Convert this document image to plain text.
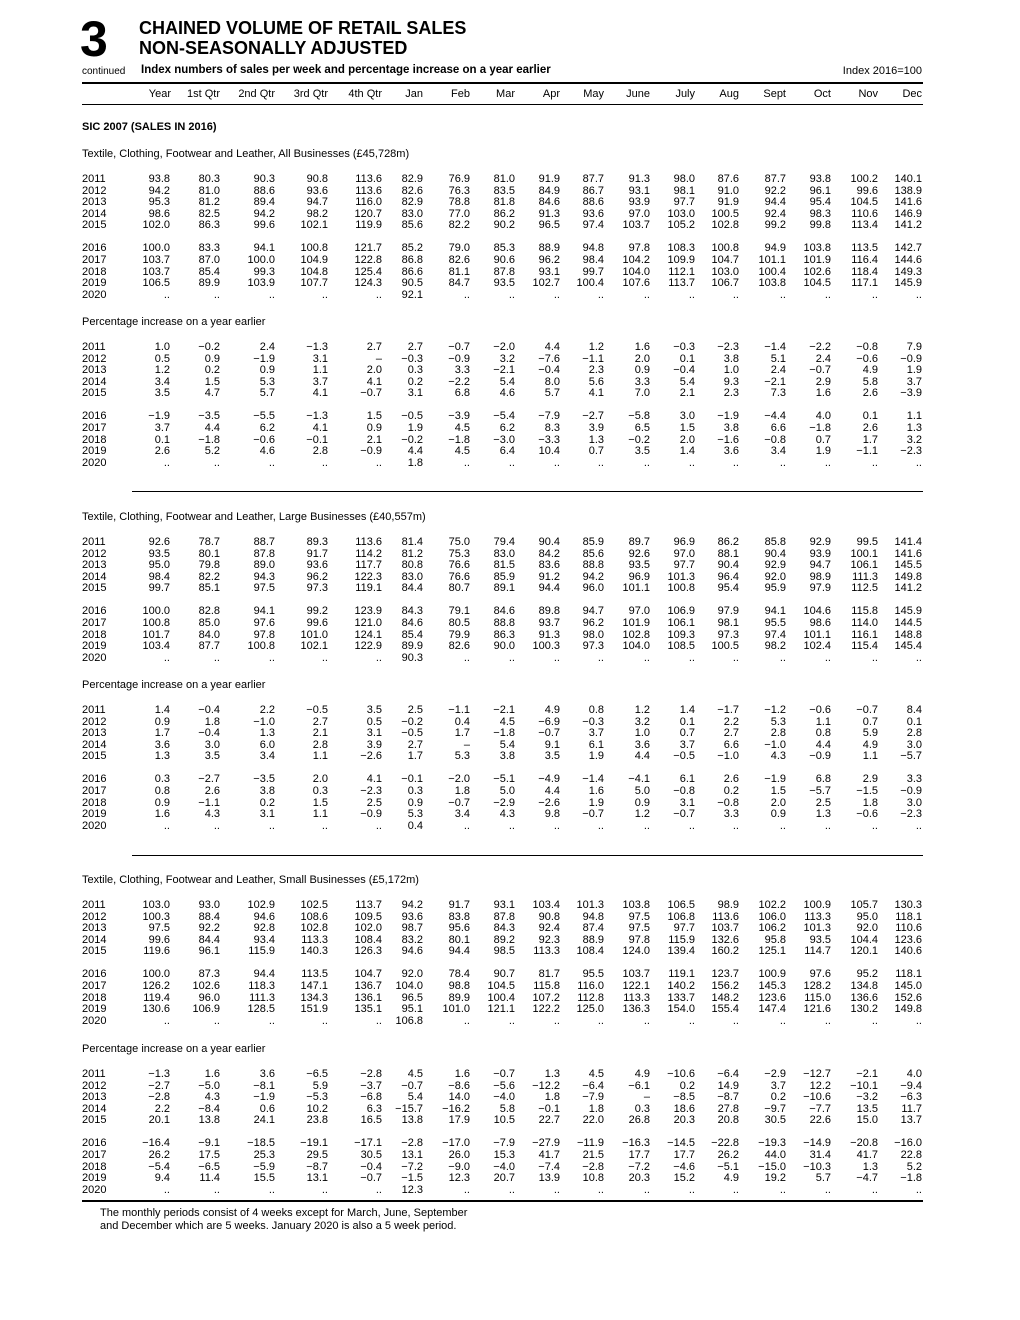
3
continued
CHAINED VOLUME OF RETAIL SALES
NON-SEASONALLY ADJUSTED
Index numbers of sales per week and percentage increase on a year earlier	Index 2016=100
Year 1st Qtr 2nd Qtr 3rd Qtr 4th Qtr Jan	Feb Mar	Apr May June July Aug Sept	Oct Nov Dec
SIC 2007 (SALES IN 2016)
Textile, Clothing, Footwear and Leather, All Businesses (£45,728m)
2011	93.8	80.3	90.3	90.8 113.6 82.9 76.9 81.0 91.9 87.7 91.3 98.0 87.6 87.7 93.8 100.2 140.1
2012	94.2	81.0	88.6	93.6 113.6 82.6 76.3 83.5 84.9 86.7 93.1 98.1 91.0 92.2 96.1 99.6 138.9
2013	95.3	81.2	89.4	94.7 116.0 82.9 78.8 81.8 84.6 88.6 93.9 97.7 91.9 94.4 95.4 104.5 141.6
2014	98.6	82.5	94.2	98.2 120.7 83.0 77.0 86.2 91.3 93.6 97.0 103.0 100.5 92.4 98.3 110.6 146.9
2015	102.0	86.3	99.6 102.1 119.9 85.6 82.2 90.2 96.5 97.4 103.7 105.2 102.8 99.2 99.8 113.4 141.2
2016	100.0	83.3	94.1 100.8 121.7 85.2 79.0 85.3 88.9 94.8 97.8 108.3 100.8 94.9 103.8 113.5 142.7
2017	103.7	87.0 100.0 104.9 122.8 86.8 82.6 90.6 96.2 98.4 104.2 109.9 104.7 101.1 101.9 116.4 144.6
2018	103.7	85.4	99.3 104.8 125.4 86.6 81.1 87.8 93.1 99.7 104.0 112.1 103.0 100.4 102.6 118.4 149.3
2019	106.5	89.9 103.9 107.7 124.3 90.5 84.7 93.5 102.7 100.4 107.6 113.7 106.7 103.8 104.5 117.1 145.9
2020	..	..	..	..	.. 92.1	..	..	..	..	..	..	..	..	..	..	..
Percentage increase on a year earlier
2011	1.0	−0.2	2.4	−1.3	2.7 2.7 −0.7 −2.0	4.4	1.2	1.6 −0.3 −2.3 −1.4 −2.2 −0.8	7.9
2012	0.5	0.9	−1.9	3.1	– −0.3 −0.9	3.2 −7.6 −1.1	2.0	0.1	3.8	5.1	2.4 −0.6 −0.9
2013	1.2	0.2	0.9	1.1	2.0 0.3	3.3 −2.1 −0.4	2.3	0.9 −0.4	1.0	2.4 −0.7	4.9	1.9
2014	3.4	1.5	5.3	3.7	4.1 0.2 −2.2	5.4	8.0	5.6	3.3	5.4	9.3 −2.1	2.9	5.8	3.7
2015	3.5	4.7	5.7	4.1	−0.7 3.1	6.8	4.6	5.7	4.1	7.0	2.1	2.3	7.3	1.6	2.6 −3.9
2016	−1.9	−3.5	−5.5	−1.3	1.5 −0.5 −3.9 −5.4 −7.9 −2.7 −5.8	3.0 −1.9 −4.4	4.0	0.1	1.1
2017	3.7	4.4	6.2	4.1	0.9 1.9	4.5	6.2	8.3	3.9	6.5	1.5	3.8	6.6 −1.8	2.6	1.3
2018	0.1	−1.8	−0.6	−0.1	2.1 −0.2 −1.8 −3.0 −3.3	1.3 −0.2	2.0 −1.6 −0.8	0.7	1.7	3.2
2019	2.6	5.2	4.6	2.8	−0.9 4.4	4.5	6.4 10.4	0.7	3.5	1.4	3.6	3.4	1.9 −1.1 −2.3
2020	..	..	..	..	.. 1.8	..	..	..	..	..	..	..	..	..	..	..
Textile, Clothing, Footwear and Leather, Large Businesses (£40,557m)
2011	92.6	78.7	88.7	89.3 113.6 81.4 75.0 79.4 90.4 85.9 89.7 96.9 86.2 85.8 92.9 99.5 141.4
2012	93.5	80.1	87.8	91.7 114.2 81.2 75.3 83.0 84.2 85.6 92.6 97.0 88.1 90.4 93.9 100.1 141.6
2013	95.0	79.8	89.0	93.6 117.7 80.8 76.6 81.5 83.6 88.8 93.5 97.7 90.4 92.9 94.7 106.1 145.5
2014	98.4	82.2	94.3	96.2 122.3 83.0 76.6 85.9 91.2 94.2 96.9 101.3 96.4 92.0 98.9 111.3 149.8
2015	99.7	85.1	97.5	97.3 119.1 84.4 80.7 89.1 94.4 96.0 101.1 100.8 95.4 95.9 97.9 112.5 141.2
2016	100.0	82.8	94.1	99.2 123.9 84.3 79.1 84.6 89.8 94.7 97.0 106.9 97.9 94.1 104.6 115.8 145.9
2017	100.8	85.0	97.6	99.6 121.0 84.6 80.5 88.8 93.7 96.2 101.9 106.1 98.1 95.5 98.6 114.0 144.5
2018	101.7	84.0	97.8 101.0 124.1 85.4 79.9 86.3 91.3 98.0 102.8 109.3 97.3 97.4 101.1 116.1 148.8
2019	103.4	87.7 100.8 102.1 122.9 89.9 82.6 90.0 100.3 97.3 104.0 108.5 100.5 98.2 102.4 115.4 145.4
2020	..	..	..	..	.. 90.3	..	..	..	..	..	..	..	..	..	..	..
Percentage increase on a year earlier
2011	1.4	−0.4	2.2	−0.5	3.5 2.5 −1.1 −2.1	4.9	0.8	1.2	1.4 −1.7 −1.2 −0.6 −0.7	8.4
2012	0.9	1.8	−1.0	2.7	0.5 −0.2	0.4	4.5 −6.9 −0.3	3.2	0.1	2.2	5.3	1.1	0.7	0.1
2013	1.7	−0.4	1.3	2.1	3.1 −0.5	1.7 −1.8 −0.7	3.7	1.0	0.7	2.7	2.8	0.8	5.9	2.8
2014	3.6	3.0	6.0	2.8	3.9 2.7	–	5.4	9.1	6.1	3.6	3.7	6.6 −1.0	4.4	4.9	3.0
2015	1.3	3.5	3.4	1.1	−2.6 1.7	5.3	3.8	3.5	1.9	4.4 −0.5 −1.0	4.3 −0.9	1.1 −5.7
2016	0.3	−2.7	−3.5	2.0	4.1 −0.1 −2.0 −5.1 −4.9 −1.4 −4.1	6.1	2.6 −1.9	6.8	2.9	3.3
2017	0.8	2.6	3.8	0.3	−2.3 0.3	1.8	5.0	4.4	1.6	5.0 −0.8	0.2	1.5 −5.7 −1.5 −0.9
2018	0.9	−1.1	0.2	1.5	2.5 0.9 −0.7 −2.9 −2.6	1.9	0.9	3.1 −0.8	2.0	2.5	1.8	3.0
2019	1.6	4.3	3.1	1.1	−0.9 5.3	3.4	4.3	9.8 −0.7	1.2 −0.7	3.3	0.9	1.3 −0.6 −2.3
2020	..	..	..	..	.. 0.4	..	..	..	..	..	..	..	..	..	..	..
Textile, Clothing, Footwear and Leather, Small Businesses (£5,172m)
2011	103.0	93.0 102.9 102.5 113.7 94.2 91.7 93.1 103.4 101.3 103.8 106.5 98.9 102.2 100.9 105.7 130.3
2012	100.3	88.4	94.6 108.6 109.5 93.6 83.8 87.8 90.8 94.8 97.5 106.8 113.6 106.0 113.3 95.0 118.1
2013	97.5	92.2	92.8 102.8 102.0 98.7 95.6 84.3 92.4 87.4 97.5 97.7 103.7 106.2 101.3 92.0 110.6
2014	99.6	84.4	93.4 113.3 108.4 83.2 80.1 89.2 92.3 88.9 97.8 115.9 132.6 95.8 93.5 104.4 123.6
2015	119.6	96.1	115.9 140.3 126.3 94.6 94.4 98.5 113.3 108.4 124.0 139.4 160.2 125.1 114.7 120.1 140.6
2016	100.0	87.3	94.4 113.5 104.7 92.0 78.4 90.7 81.7 95.5 103.7 119.1 123.7 100.9 97.6 95.2 118.1
2017	126.2 102.6	118.3 147.1 136.7 104.0 98.8 104.5 115.8 116.0 122.1 140.2 156.2 145.3 128.2 134.8 145.0
2018	119.4	96.0	111.3 134.3 136.1 96.5 89.9 100.4 107.2 112.8 113.3 133.7 148.2 123.6 115.0 136.6 152.6
2019	130.6 106.9 128.5 151.9 135.1 95.1 101.0 121.1 122.2 125.0 136.3 154.0 155.4 147.4 121.6 130.2 149.8
2020	..	..	..	..	.. 106.8	..	..	..	..	..	..	..	..	..	..	..
Percentage increase on a year earlier
2011	−1.3	1.6	3.6	−6.5	−2.8 4.5	1.6 −0.7	1.3	4.5	4.9 −10.6 −6.4 −2.9 −12.7 −2.1	4.0
2012	−2.7	−5.0	−8.1	5.9	−3.7 −0.7 −8.6 −5.6 −12.2 −6.4 −6.1	0.2 14.9	3.7 12.2 −10.1 −9.4
2013	−2.8	4.3	−1.9	−5.3	−6.8 5.4 14.0 −4.0	1.8 −7.9	– −8.5 −8.7	0.2 −10.6 −3.2 −6.3
2014	2.2	−8.4	0.6	10.2	6.3 −15.7 −16.2	5.8 −0.1	1.8	0.3 18.6 27.8 −9.7 −7.7 13.5 11.7
2015	20.1	13.8	24.1	23.8	16.5 13.8 17.9 10.5 22.7 22.0 26.8 20.3 20.8 30.5 22.6 15.0 13.7
2016	−16.4	−9.1 −18.5 −19.1 −17.1 −2.8 −17.0 −7.9 −27.9 −11.9 −16.3 −14.5 −22.8 −19.3 −14.9 −20.8 −16.0
2017	26.2	17.5	25.3	29.5	30.5 13.1 26.0 15.3 41.7 21.5 17.7 17.7 26.2 44.0 31.4 41.7 22.8
2018	−5.4	−6.5	−5.9	−8.7	−0.4 −7.2 −9.0 −4.0 −7.4 −2.8 −7.2 −4.6 −5.1 −15.0 −10.3	1.3	5.2
2019	9.4	11.4	15.5	13.1	−0.7 −1.5 12.3 20.7 13.9 10.8 20.3 15.2	4.9 19.2	5.7 −4.7 −1.8
2020	..	..	..	..	.. 12.3	..	..	..	..	..	..	..	..	..	..	..
The monthly periods consist of 4 weeks except for March, June, September
and December which are 5 weeks. January 2020 is also a 5 week period.
